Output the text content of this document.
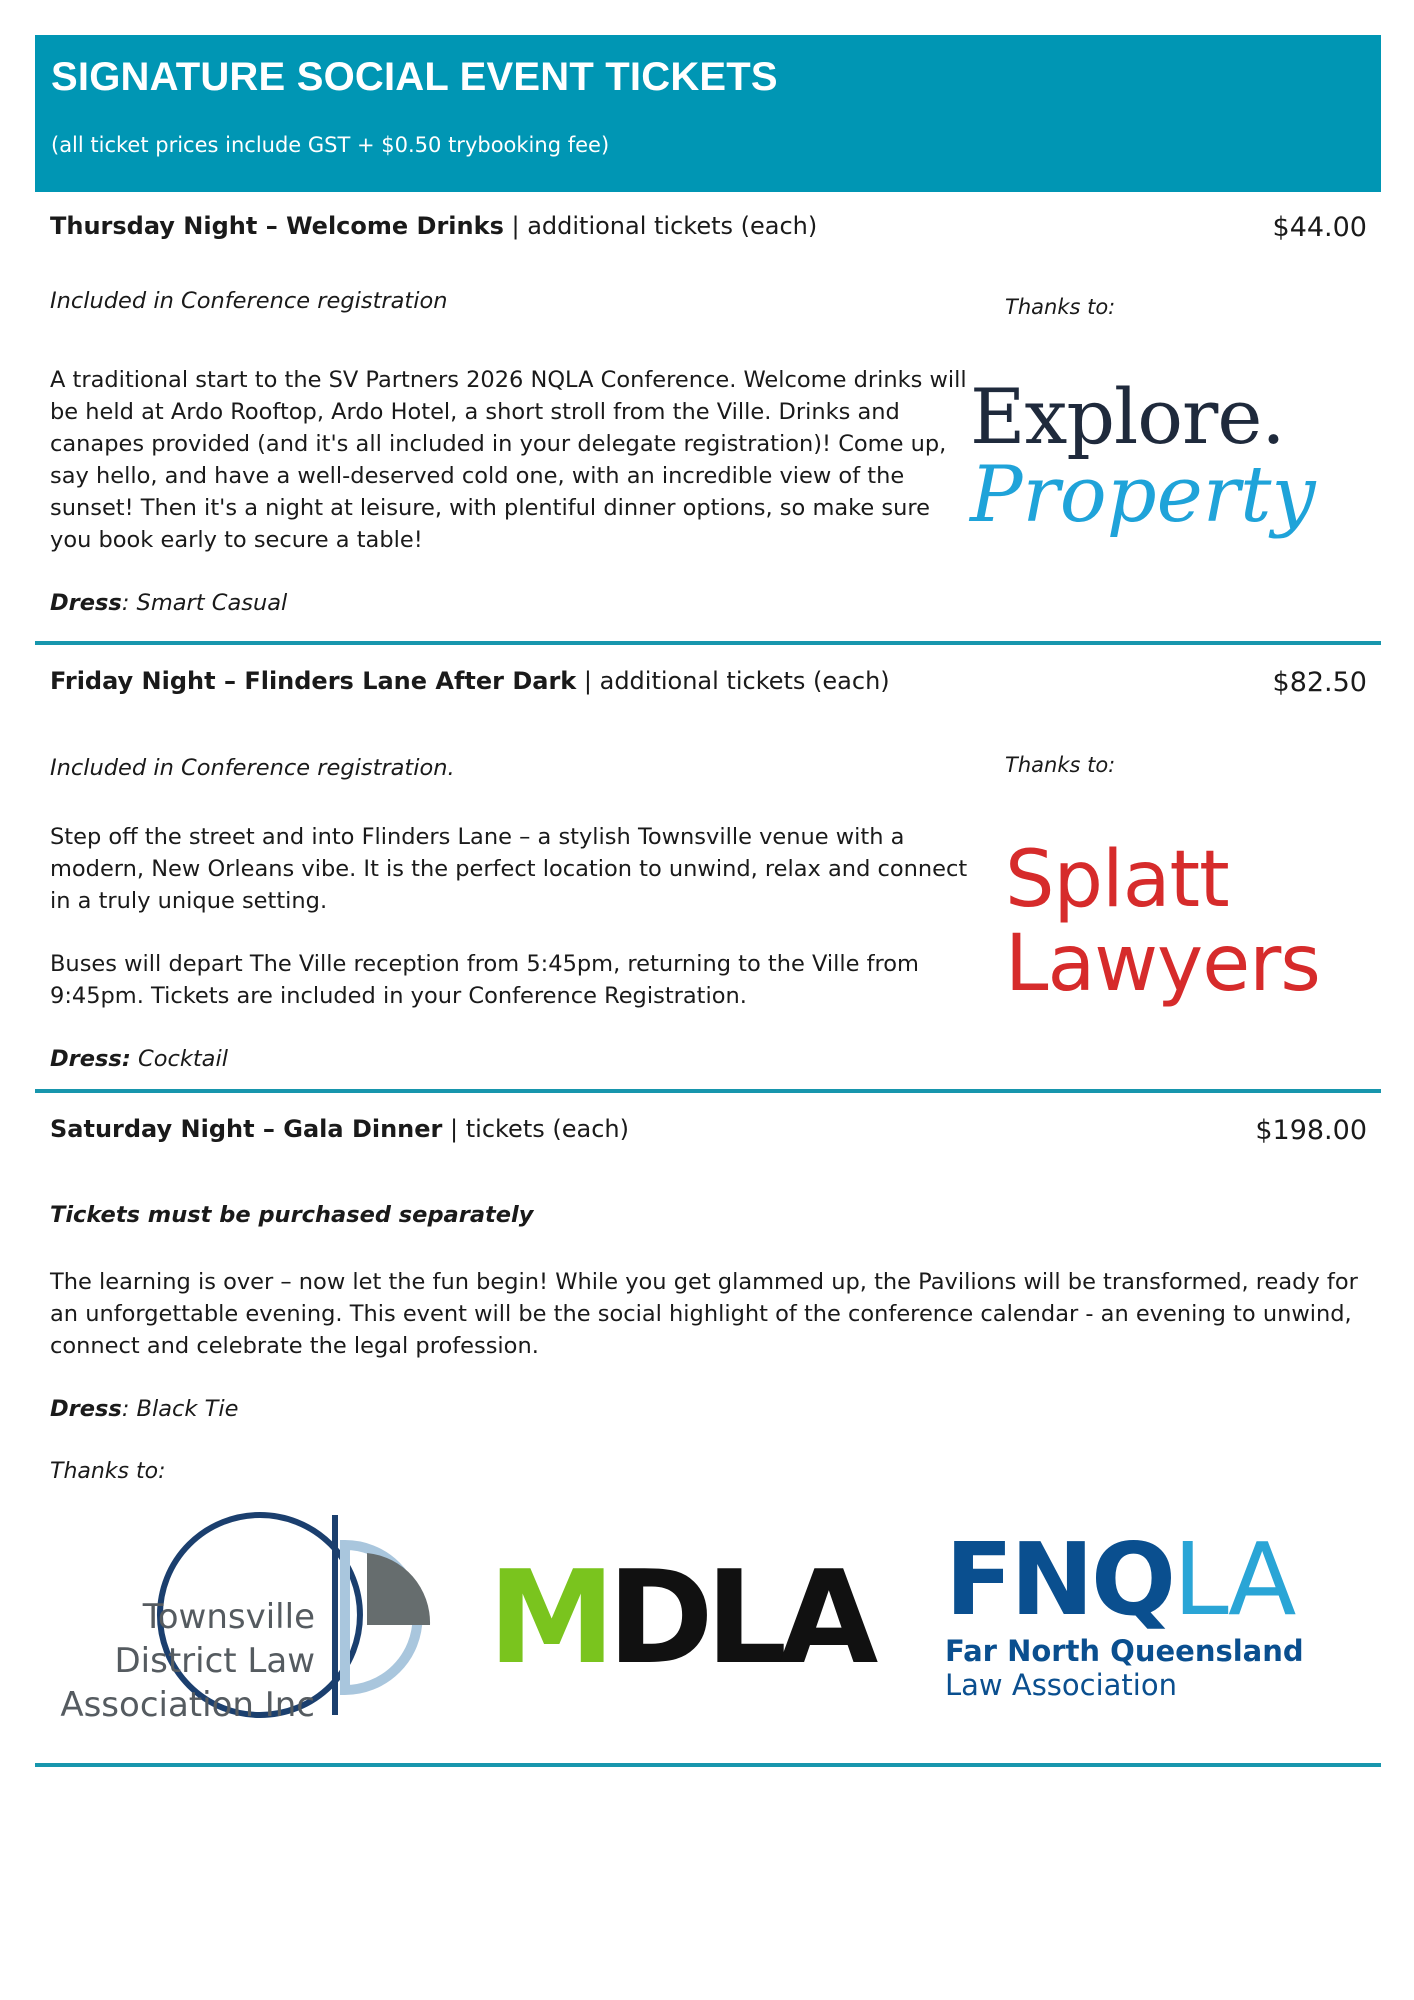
SIGNATURE SOCIAL EVENT TICKETS
(all ticket prices include GST + $0.50 trybooking fee)
Thursday Night – Welcome Drinks | additional tickets (each)	$44.00
Included in Conference registration	Thanks to:
A traditional start to the SV Partners 2026 NQLA Conference. Welcome drinks will be held at Ardo Rooftop, Ardo Hotel, a short stroll from the Ville. Drinks and canapes provided (and it's all included in your delegate registration)! Come up, say hello, and have a well-deserved cold one, with an incredible view of the sunset! Then it's a night at leisure, with plentiful dinner options, so make sure you book early to secure a table!
Dress: Smart Casual
Explore.
Property
Friday Night – Flinders Lane After Dark | additional tickets (each)	$82.50
Included in Conference registration.	Thanks to:
Step off the street and into Flinders Lane – a stylish Townsville venue with a modern, New Orleans vibe. It is the perfect location to unwind, relax and connect in a truly unique setting.
Buses will depart The Ville reception from 5:45pm, returning to the Ville from 9:45pm. Tickets are included in your Conference Registration.
Dress: Cocktail
Splatt
Lawyers
Saturday Night – Gala Dinner | tickets (each)	$198.00
Tickets must be purchased separately
The learning is over – now let the fun begin! While you get glammed up, the Pavilions will be transformed, ready for an unforgettable evening. This event will be the social highlight of the conference calendar - an evening to unwind, connect and celebrate the legal profession.
Dress: Black Tie
Thanks to:
Townsville
District Law
Association Inc
MDLA FNQLA
Far North Queensland
Law Association
